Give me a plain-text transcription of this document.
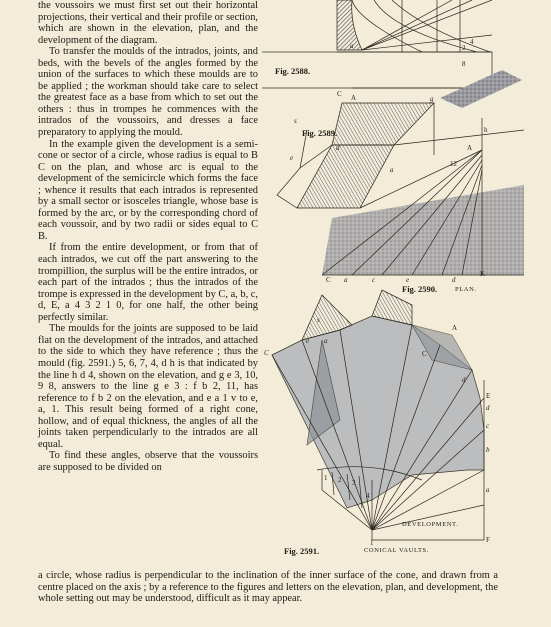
the voussoirs we must first set out their horizontal projections, their vertical and their profile or section, which are shown in the elevation, plan, and the development of the diagram.

To transfer the moulds of the intrados, joints, and beds, with the bevels of the angles formed by the union of the surfaces to which these moulds are to be applied ; the workman should take care to select the greatest face as a base from which to set out the others : thus in trompes he commences with the intrados of the voussoirs, and dresses a face preparatory to applying the mould.

In the example given the development is a semi-cone or sector of a circle, whose radius is equal to B C on the plan, and whose arc is equal to the development of the semicircle which forms the face ; whence it results that each intrados is represented by a small sector or isosceles triangle, whose base is formed by the arc, or by the corresponding chord of each voussoir, and by two radii or sides equal to C B.

If from the entire development, or from that of each intrados, we cut off the part answering to the trompillion, the surplus will be the entire intrados, or each part of the intrados ; thus the intrados of the trompe is expressed in the development by C, a, b, c, d, E, a 4 3 2 1 0, for one half, the other being perfectly similar.

The moulds for the joints are supposed to be laid flat on the development of the intrados, and attached to the side to which they have reference ; thus the mould (fig. 2591.) 5, 6, 7, 4, d h is that indicated by the line h d 4, shown on the elevation, and g e 3, 10, 9 8, answers to the line g e 3 : f b 2, 11, has reference to f b 2 on the elevation, and e a 1 v to e, a, 1. This result being formed of a right cone, hollow, and of equal thickness, the angles of all the joints taken perpendicularly to the intrados are all equal.

To find these angles, observe that the voussoirs are supposed to be divided on

a circle, whose radius is perpendicular to the inclination of the inner surface of the cone, and drawn from a centre placed on the axis ; by a reference to the figures and letters on the elevation, plan, and development, the whole setting out may be understood, difficult as it may appear.
a	2
4
8
C A
s
g
e
d
a
h
A
12
K
a	c	e	d
C
s
C
e a
A
C
d
E
d
c
b
a
F
4
3
2
1
1
Fig. 2588.
Fig. 2589.
Fig. 2590.	PLAN.
DEVELOPMENT.
Fig. 2591.	CONICAL VAULTS.
